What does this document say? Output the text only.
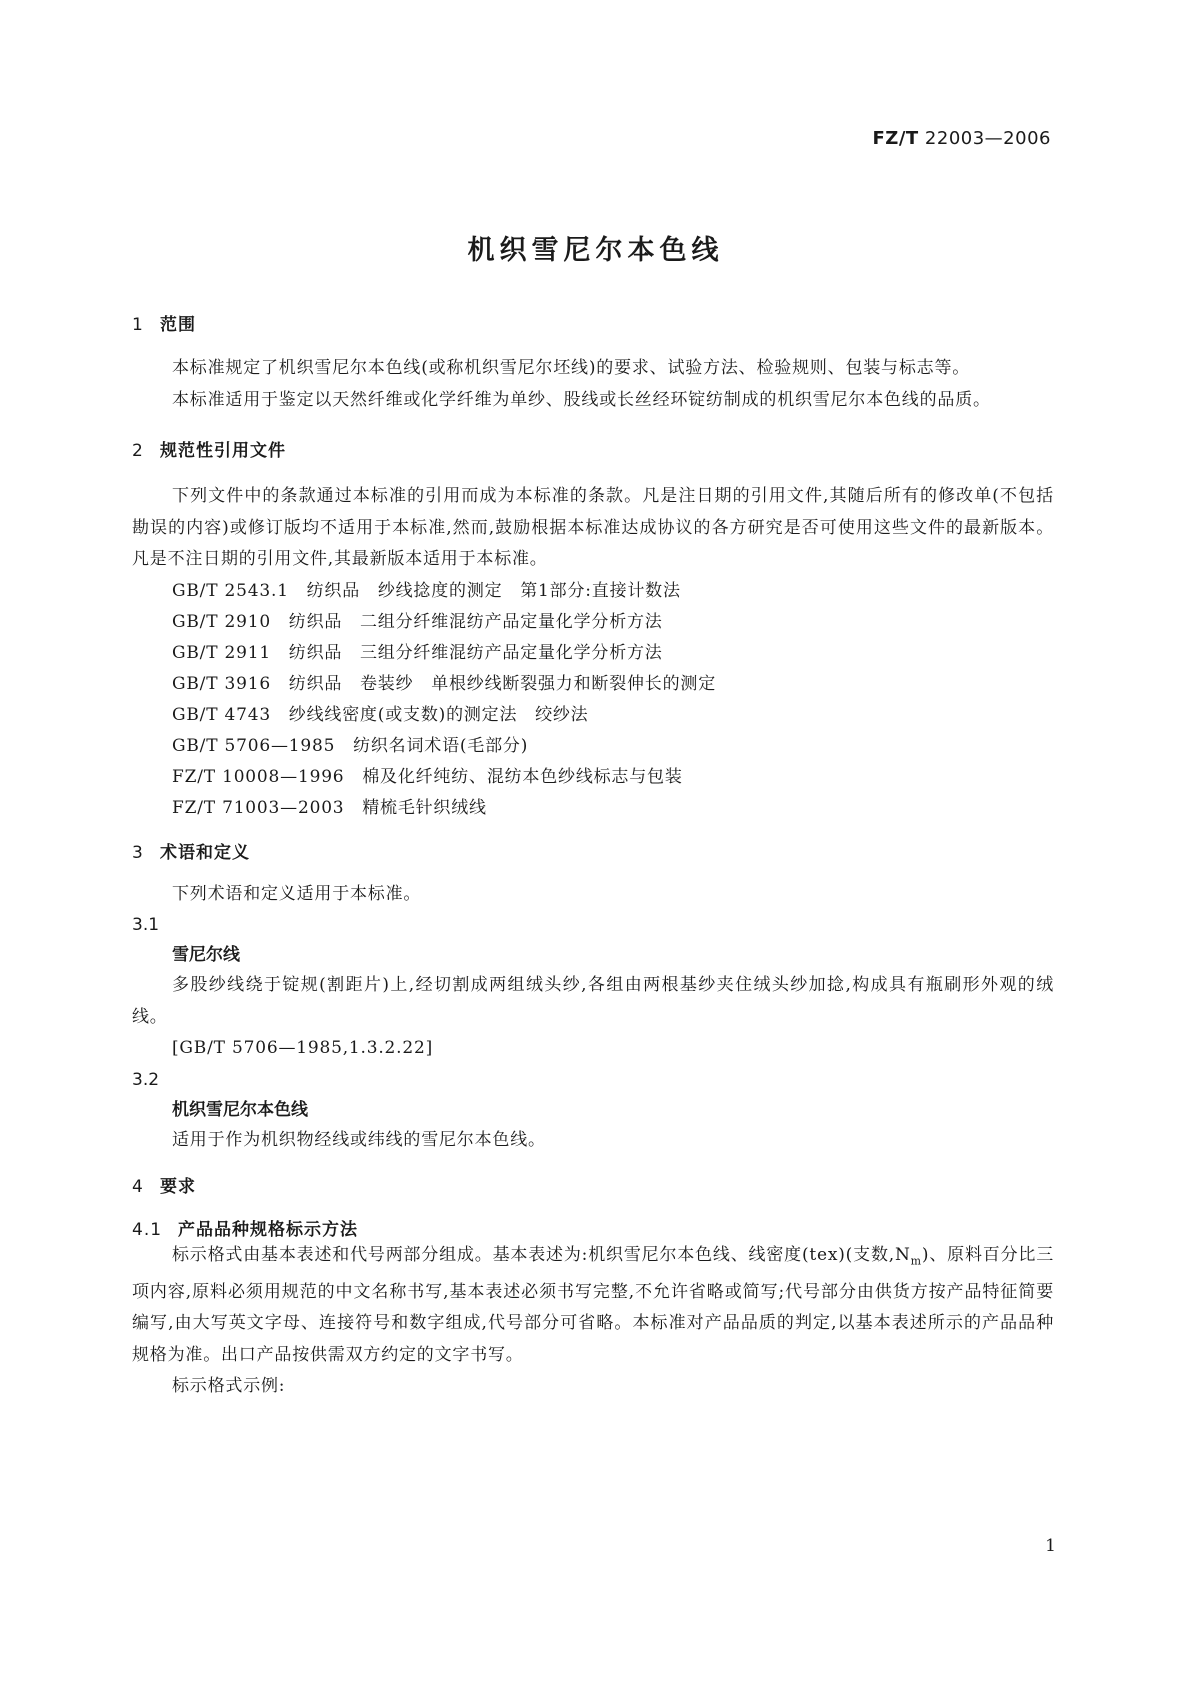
FZ/T 22003—2006
机织雪尼尔本色线

1 范围

本标准规定了机织雪尼尔本色线(或称机织雪尼尔坯线)的要求、试验方法、检验规则、包装与标志等。

本标准适用于鉴定以天然纤维或化学纤维为单纱、股线或长丝经环锭纺制成的机织雪尼尔本色线的品质。

2 规范性引用文件

下列文件中的条款通过本标准的引用而成为本标准的条款。凡是注日期的引用文件,其随后所有的修改单(不包括勘误的内容)或修订版均不适用于本标准,然而,鼓励根据本标准达成协议的各方研究是否可使用这些文件的最新版本。凡是不注日期的引用文件,其最新版本适用于本标准。

GB/T 2543.1　纺织品　纱线捻度的测定　第1部分:直接计数法

GB/T 2910　纺织品　二组分纤维混纺产品定量化学分析方法

GB/T 2911　纺织品　三组分纤维混纺产品定量化学分析方法

GB/T 3916　纺织品　卷装纱　单根纱线断裂强力和断裂伸长的测定

GB/T 4743　纱线线密度(或支数)的测定法　绞纱法

GB/T 5706—1985　纺织名词术语(毛部分)

FZ/T 10008—1996　棉及化纤纯纺、混纺本色纱线标志与包装

FZ/T 71003—2003　精梳毛针织绒线

3 术语和定义

下列术语和定义适用于本标准。

3.1

雪尼尔线

多股纱线绕于锭规(割距片)上,经切割成两组绒头纱,各组由两根基纱夹住绒头纱加捻,构成具有瓶刷形外观的绒线。

[GB/T 5706—1985,1.3.2.22]

3.2

机织雪尼尔本色线

适用于作为机织物经线或纬线的雪尼尔本色线。

4 要求

4.1 产品品种规格标示方法

标示格式由基本表述和代号两部分组成。基本表述为:机织雪尼尔本色线、线密度(tex)(支数$,N_m$)、原料百分比三项内容,原料必须用规范的中文名称书写,基本表述必须书写完整,不允许省略或简写;代号部分由供货方按产品特征简要编写,由大写英文字母、连接符号和数字组成,代号部分可省略。本标准对产品品质的判定,以基本表述所示的产品品种规格为准。出口产品按供需双方约定的文字书写。

标示格式示例:

1
